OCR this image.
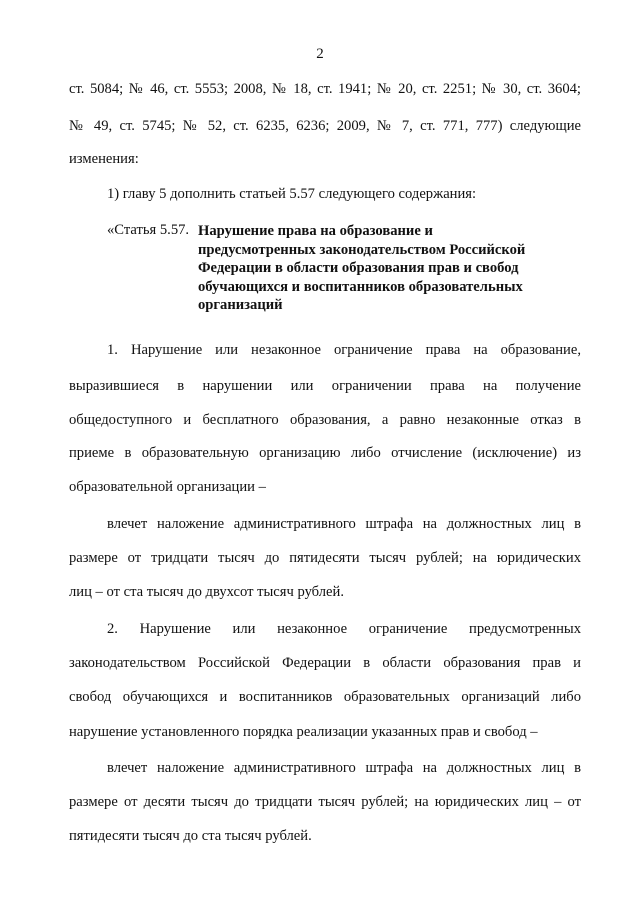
2
ст. 5084; № 46, ст. 5553; 2008, № 18, ст. 1941; № 20, ст. 2251; № 30, ст. 3604;
№ 49, ст. 5745; № 52, ст. 6235, 6236; 2009, № 7, ст. 771, 777) следующие
изменения:
1) главу 5 дополнить статьей 5.57 следующего содержания:
«Статья 5.57. Нарушение права на образование и
предусмотренных законодательством Российской
Федерации в области образования прав и свобод
обучающихся и воспитанников образовательных
организаций
1. Нарушение или незаконное ограничение права на образование,
выразившиеся в нарушении или ограничении права на получение
общедоступного и бесплатного образования, а равно незаконные отказ в
приеме в образовательную организацию либо отчисление (исключение) из
образовательной организации –
влечет наложение административного штрафа на должностных лиц в
размере от тридцати тысяч до пятидесяти тысяч рублей; на юридических
лиц – от ста тысяч до двухсот тысяч рублей.
2. Нарушение или незаконное ограничение предусмотренных
законодательством Российской Федерации в области образования прав и
свобод обучающихся и воспитанников образовательных организаций либо
нарушение установленного порядка реализации указанных прав и свобод –
влечет наложение административного штрафа на должностных лиц в
размере от десяти тысяч до тридцати тысяч рублей; на юридических лиц – от
пятидесяти тысяч до ста тысяч рублей.
